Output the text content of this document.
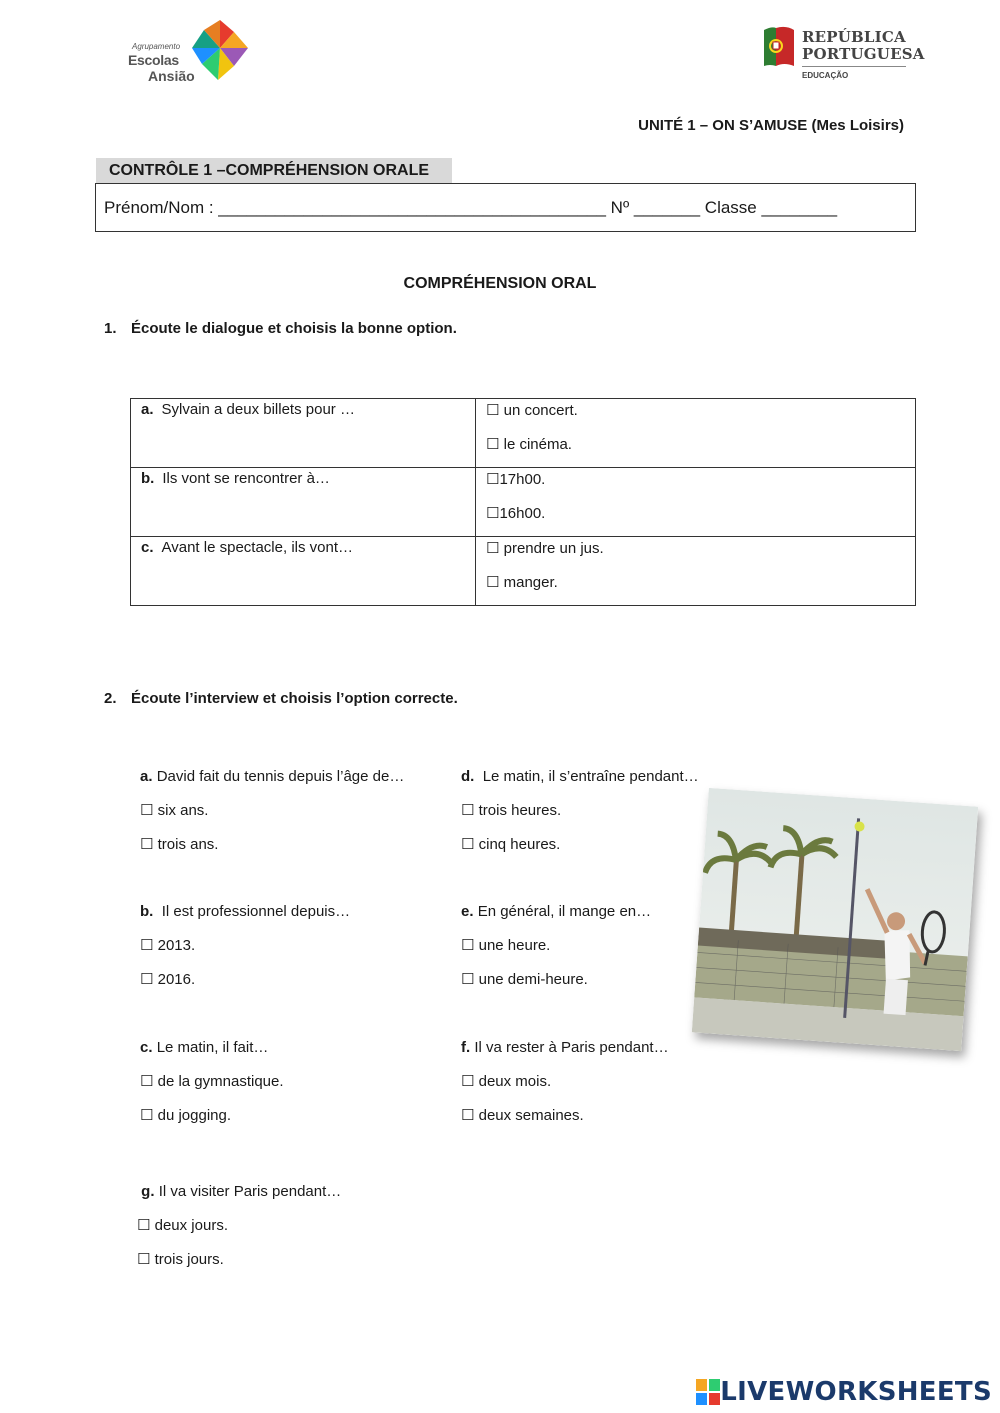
Agrupamento
Escolas
Ansião
REPÚBLICA
PORTUGUESA
EDUCAÇÃO
UNITÉ 1 – ON S’AMUSE (Mes Loisirs)
CONTRÔLE 1 –COMPRÉHENSION ORALE
Prénom/Nom : _________________________________________ Nº _______ Classe ________
COMPRÉHENSION ORAL
1. Écoute le dialogue et choisis la bonne option.
a. Sylvain a deux billets pour …	☐ un concert.
☐ le cinéma.

b. Ils vont se rencontrer à…	☐17h00.
☐16h00.

c. Avant le spectacle, ils vont…	☐ prendre un jus.
☐ manger.
2. Écoute l’interview et choisis l’option correcte.
a. David fait du tennis depuis l’âge de…
☐ six ans.
☐ trois ans.
b. Il est professionnel depuis…
☐ 2013.
☐ 2016.
c. Le matin, il fait…
☐ de la gymnastique.
☐ du jogging.
d. Le matin, il s’entraîne pendant…
☐ trois heures.
☐ cinq heures.
e. En général, il mange en…
☐ une heure.
☐ une demi-heure.
f. Il va rester à Paris pendant…
☐ deux mois.
☐ deux semaines.
g. Il va visiter Paris pendant…
☐ deux jours.
☐ trois jours.
LIVEWORKSHEETS
